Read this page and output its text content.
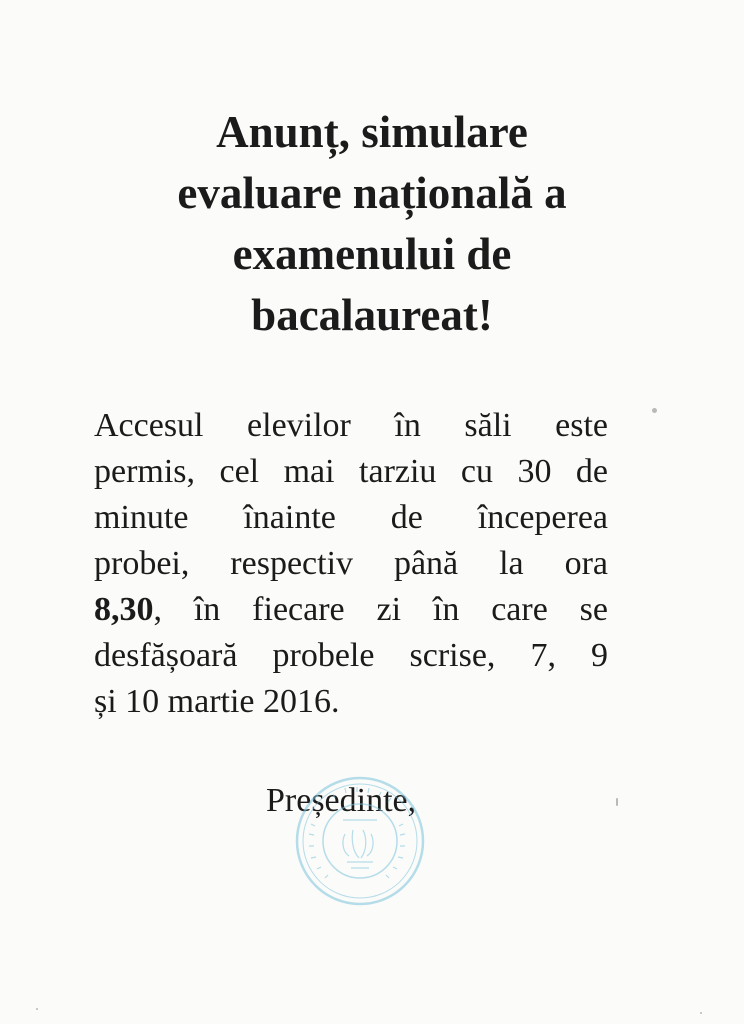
Anunț, simulare
evaluare națională a
examenului de
bacalaureat!
Accesul elevilor în săli este
permis, cel mai tarziu cu 30 de
minute înainte de începerea
probei, respectiv până la ora
8,30, în fiecare zi în care se
desfășoară probele scrise, 7, 9
și 10 martie 2016.

Președinte,
